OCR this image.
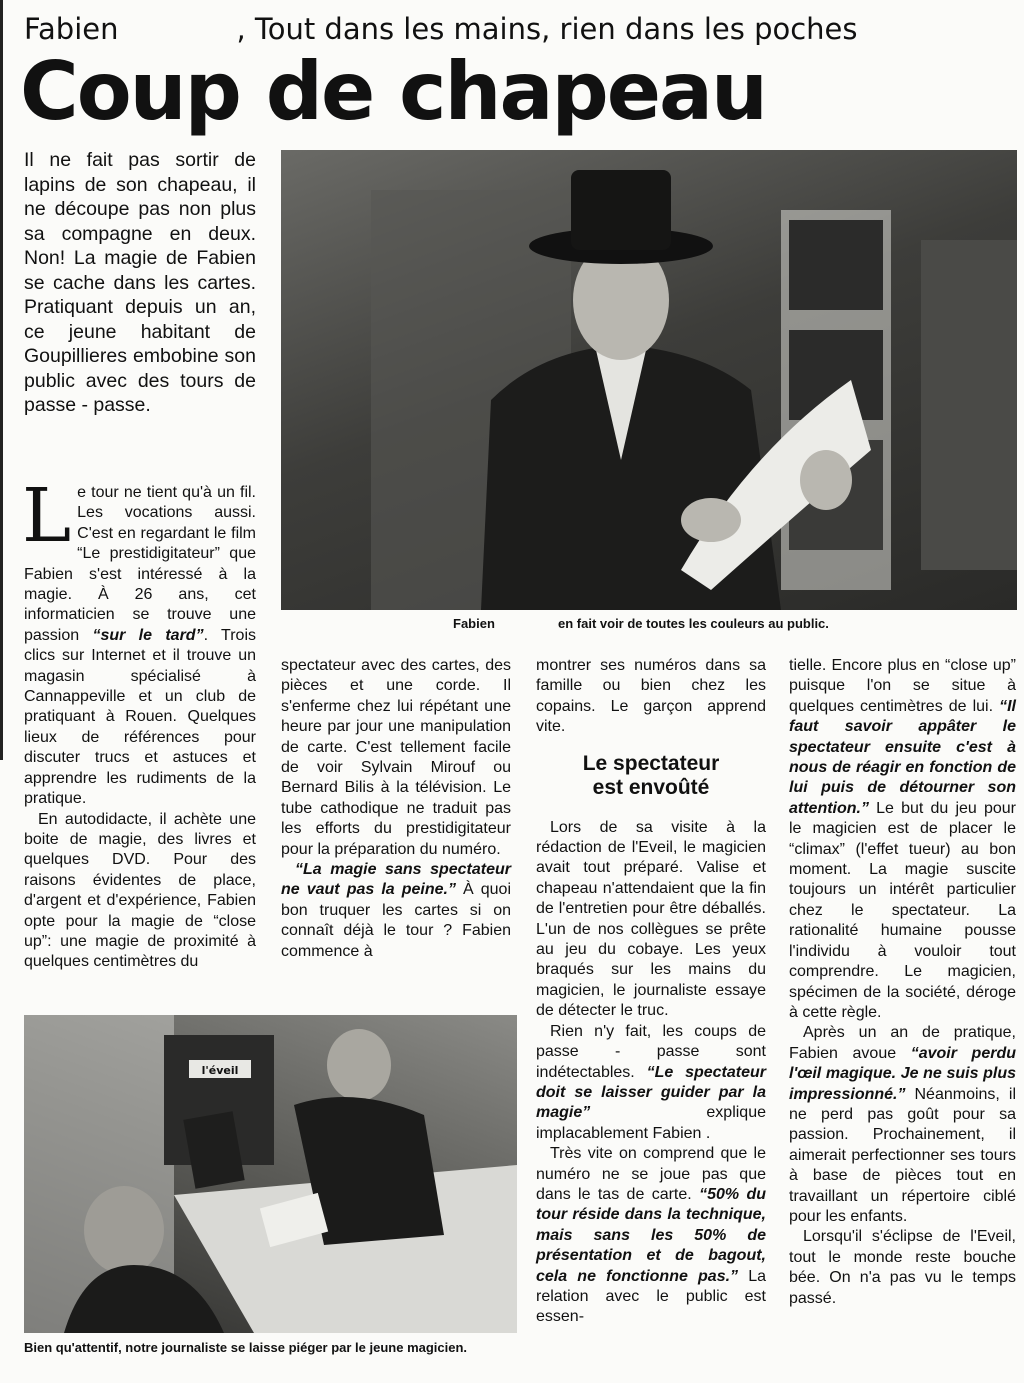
Fabien	, Tout dans les mains, rien dans les poches
Coup de chapeau
Il ne fait pas sortir de lapins de son chapeau, il ne découpe pas non plus sa compagne en deux. Non! La magie de Fabien se cache dans les cartes. Pratiquant depuis un an, ce jeune habitant de Goupillieres embobine son public avec des tours de passe - passe.
Fabien	en fait voir de toutes les couleurs au public.

Le tour ne tient qu'à un fil. Les vocations aussi. C'est en regardant le film “Le prestidigitateur” que Fabien s'est intéressé à la magie. À 26 ans, cet informaticien se trouve une passion “sur le tard”. Trois clics sur Internet et il trouve un magasin spécialisé à Cannappeville et un club de pratiquant à Rouen. Quelques lieux de références pour discuter trucs et astuces et apprendre les rudiments de la pratique.

En autodidacte, il achète une boite de magie, des livres et quelques DVD. Pour des raisons évidentes de place, d'argent et d'expérience, Fabien opte pour la magie de “close up”: une magie de proximité à quelques centimètres du

spectateur avec des cartes, des pièces et une corde. Il s'enferme chez lui répétant une heure par jour une manipulation de carte. C'est tellement facile de voir Sylvain Mirouf ou Bernard Bilis à la télévision. Le tube cathodique ne traduit pas les efforts du prestidigitateur pour la préparation du numéro.

“La magie sans spectateur ne vaut pas la peine.” À quoi bon truquer les cartes si on connaît déjà le tour ? Fabien commence à

l'éveil
Bien qu'attentif, notre journaliste se laisse piéger par le jeune magicien.

montrer ses numéros dans sa famille ou bien chez les copains. Le garçon apprend vite.

Le spectateur
est envoûté

Lors de sa visite à la rédaction de l'Eveil, le magicien avait tout préparé. Valise et chapeau n'attendaient que la fin de l'entretien pour être déballés. L'un de nos collègues se prête au jeu du cobaye. Les yeux braqués sur les mains du magicien, le journaliste essaye de détecter le truc.

Rien n'y fait, les coups de passe - passe sont indétectables. “Le spectateur doit se laisser guider par la magie” explique implacablement Fabien .

Très vite on comprend que le numéro ne se joue pas que dans le tas de carte. “50% du tour réside dans la technique, mais sans les 50% de présentation et de bagout, cela ne fonctionne pas.” La relation avec le public est essen-

tielle. Encore plus en “close up” puisque l'on se situe à quelques centimètres de lui. “Il faut savoir appâter le spectateur ensuite c'est à nous de réagir en fonction de lui puis de détourner son attention.” Le but du jeu pour le magicien est de placer le “climax” (l'effet tueur) au bon moment. La magie suscite toujours un intérêt particulier chez le spectateur. La rationalité humaine pousse l'individu à vouloir tout comprendre. Le magicien, spécimen de la société, déroge à cette règle.

Après un an de pratique, Fabien avoue “avoir perdu l'œil magique. Je ne suis plus impressionné.” Néanmoins, il ne perd pas goût pour sa passion. Prochainement, il aimerait perfectionner ses tours à base de pièces tout en travaillant un répertoire ciblé pour les enfants.

Lorsqu'il s'éclipse de l'Eveil, tout le monde reste bouche bée. On n'a pas vu le temps passé.
